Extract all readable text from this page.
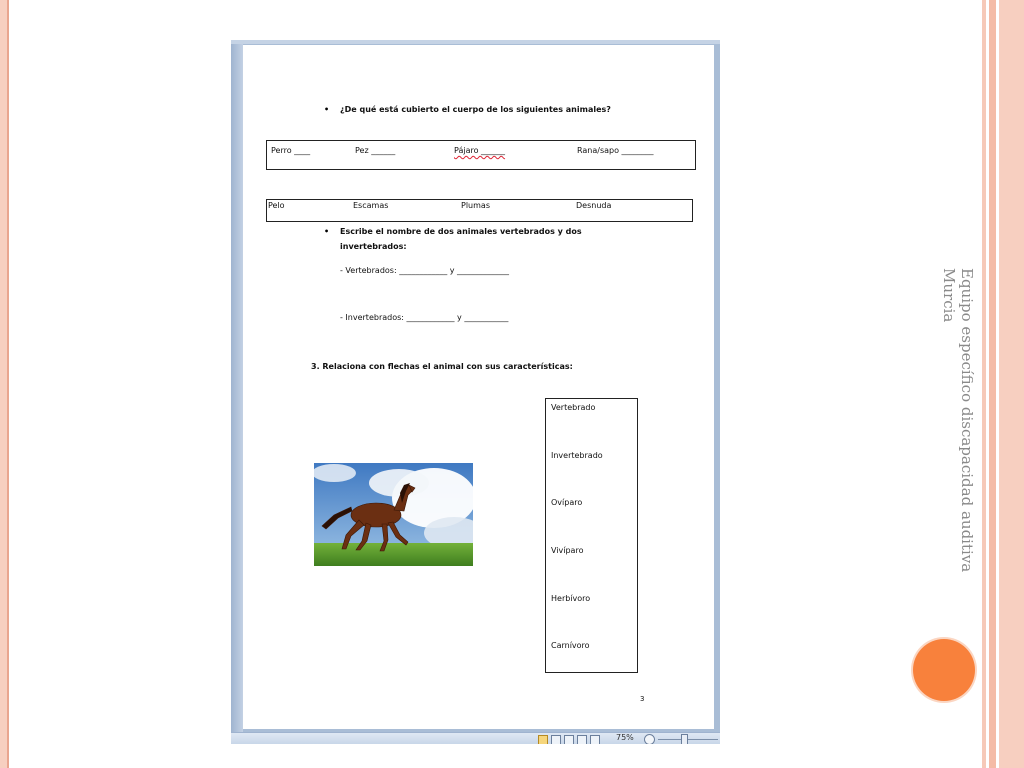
Equipo específico discapacidad auditiva
Murcia
• ¿De qué está cubierto el cuerpo de los siguientes animales?
Perro ____	Pez ______	Pájaro ______	Rana/sapo ________
Pelo	Escamas	Plumas	Desnuda
• Escribe el nombre de dos animales vertebrados y dos
invertebrados:
- Vertebrados: ____________ y _____________
- Invertebrados: ____________ y ___________
3. Relaciona con flechas el animal con sus características:
Vertebrado
Invertebrado
Ovíparo
Vivíparo
Herbívoro
Carnívoro
3
75%
